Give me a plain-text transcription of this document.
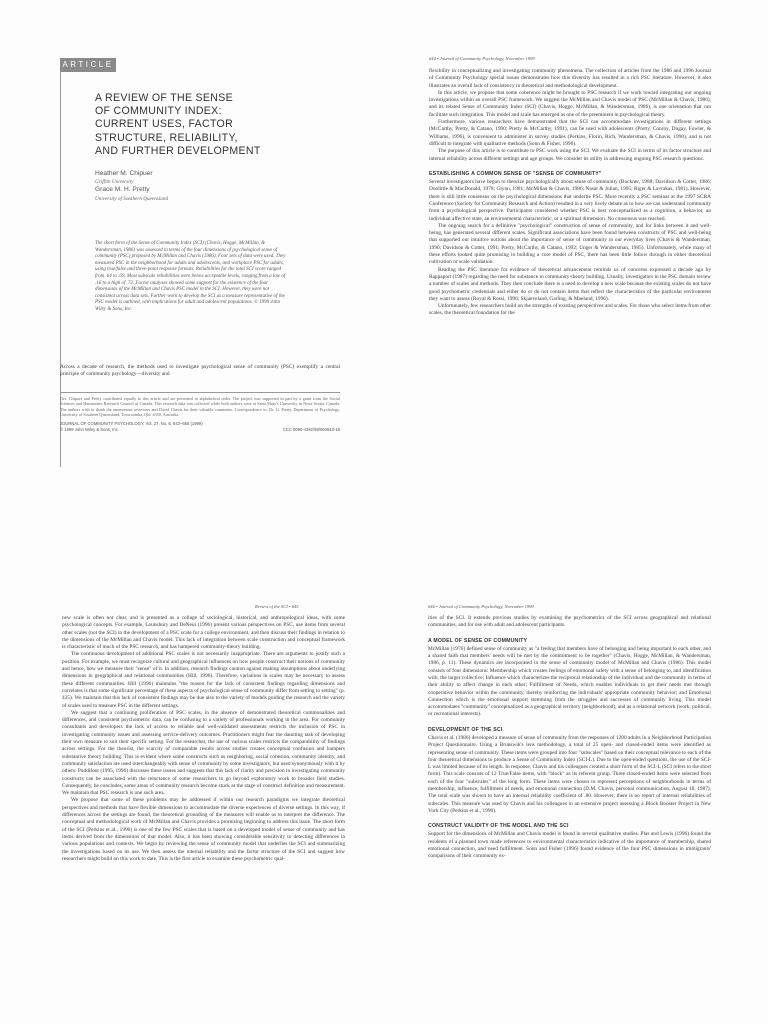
ARTICLE
A REVIEW OF THE SENSE
OF COMMUNITY INDEX:
CURRENT USES, FACTOR
STRUCTURE, RELIABILITY,
AND FURTHER DEVELOPMENT
Heather M. Chipuer
Griffith University
Grace M. H. Pretty
University of Southern Queensland
The short form of the Sense of Community Index (SCI) (Chavis, Hogge, McMillan, & Wandersman, 1986) was assessed in terms of the four dimensions of psychological sense of community (PSC) proposed by McMillan and Chavis (1986). Four sets of data were used. They measured PSC in the neighborhood for adults and adolescents, and workplace PSC for adults, using true/false and three-point response formats. Reliabilities for the total SCI score ranged from .64 to .69. Most subscale reliabilities were below acceptable levels, ranging from a low of .16 to a high of .72. Factor analyses showed some support for the existence of the four dimensions of the McMillan and Chavis PSC model in the SCI. However, they were not consistent across data sets. Further work to develop the SCI as a measure representative of the PSC model is outlined, with implications for adult and adolescent populations. © 1999 John Wiley & Sons, Inc.

Across a decade of research, the methods used to investigate psychological sense of community (PSC) exemplify a central principle of community psychology—diversity and

Drs. Chipuer and Pretty contributed equally to this article and are presented in alphabetical order. The project was supported in part by a grant from the Social Sciences and Humanities Research Council of Canada. This research data was collected while both authors were at Saint Mary's University in Nova Scotia, Canada. The authors wish to thank the anonymous reviewers and David Chavis for their valuable comments. Correspondence to: Dr. G. Pretty, Department of Psychology, University of Southern Queensland, Toowoomba, Qld. 4350, Australia.
JOURNAL OF COMMUNITY PSYCHOLOGY, Vol. 27, No. 6, 643–658 (1999)
© 1999 John Wiley & Sons, Inc.	CCC 0090-4392/99/060643-16
644 • Journal of Community Psychology, November 1999

flexibility in conceptualizing and investigating community phenomena. The collection of articles from the 1986 and 1996 Journal of Community Psychology special issues demonstrates how this diversity has resulted in a rich PSC literature. However, it also illustrates an overall lack of consistency in theoretical and methodological development.

In this article, we propose that some coherence might be brought to PSC research if we work toward integrating our ongoing investigations within an overall PSC framework. We suggest the McMillan and Chavis model of PSC (McMillan & Chavis, 1986), and its related Sense of Community Index (SCI) (Chavis, Hogge, McMillan, & Wandersman, 1986), is one orientation that can facilitate such integration. This model and scale has emerged as one of the preeminent in psychological theory.

Furthermore, various researchers have demonstrated that the SCI can accommodate investigations in different settings (McCarthy, Pretty, & Catano, 1990; Pretty & McCarthy, 1991), can be used with adolescents (Pretty, Conroy, Dugay, Fowler, & Williams, 1996), is convenient to administer in survey studies (Perkins, Florin, Rich, Wandersman, & Chavis, 1990), and is not difficult to integrate with qualitative methods (Sonn & Fisher, 1996).

The purpose of this article is to contribute to PSC work using the SCI. We evaluate the SCI in terms of its factor structure and internal reliability across different settings and age groups. We consider its utility in addressing ongoing PSC research questions.

ESTABLISHING A COMMON SENSE OF "SENSE OF COMMUNITY"

Several investigators have begun to theorize psychologically about sense of community (Buckner, 1988; Davidson & Cotter, 1986; Doolittle & MacDonald, 1978; Glynn, 1981; McMillan & Chavis, 1986; Nasar & Julian, 1995; Riger & Lavrakas, 1981). However, there is still little consensus on the psychological dimensions that underlie PSC. More recently a PSC seminar at the 1997 SCRA Conference (Society for Community Research and Action) resulted in a very lively debate as to how we can understand community from a psychological perspective. Participants considered whether PSC is best conceptualized as a cognition, a behavior, an individual affective state, an environmental characteristic, or a spiritual dimension. No consensus was reached.

The ongoing search for a definitive "psychological" construction of sense of community, and for links between it and well-being, has generated several different scales. Significant associations have been found between constructs of PSC and well-being that supported our intuitive notions about the importance of sense of community in our everyday lives (Chavis & Wandersman, 1990; Davidson & Cotter, 1991; Pretty, McCarthy, & Catano, 1992; Unger & Wandersman, 1985). Unfortunately, while many of these efforts looked quite promising in building a core model of PSC, there has been little follow through in either theoretical cultivation or scale validation.

Reading the PSC literature for evidence of theoretical advancement reminds us of concerns expressed a decade ago by Rappaport (1987) regarding the need for substance in community-theory building. Usually, investigators in the PSC domain review a number of scales and methods. They then conclude there is a need to develop a new scale because the existing scales do not have good psychometric credentials and either do or do not contain items that reflect the characteristics of the particular environment they want to assess (Royal & Rossi, 1996; Skjaeveland, Garling, & Maeland, 1996).

Unfortunately, few researchers build on the strengths of existing perspectives and scales. For those who select items from other scales, the theoretical foundation for the

Review of the SCI • 645

new scale is often not clear, and is presented as a collage of sociological, historical, and anthropological ideas, with some psychological concepts. For example, Lounsbury and DeNeui (1996) present various perspectives on PSC, use items from several other scales (not the SCI) in the development of a PSC scale for a college environment, and then discuss their findings in relation to the dimensions of the McMillan and Chavis model. This lack of integration between scale construction and conceptual framework is characteristic of much of the PSC research, and has hampered community-theory building.

The continuous development of additional PSC scales is not necessarily inappropriate. There are arguments to justify such a position. For example, we must recognize cultural and geographical influences on how people construct their notions of community and hence, how we measure their "sense" of it. In addition, research findings caution against making assumptions about underlying dimensions in geographical and relational communities (Hill, 1996). Therefore, variations in scales may be necessary to assess these different communities. Hill (1996) maintains "the reason for the lack of consistent findings regarding dimensions and correlates is that some significant percentage of these aspects of psychological sense of community differ from setting to setting" (p. 435). We maintain that this lack of consistent findings may be due also to the variety of models guiding the research and the variety of scales used to measure PSC in the different settings.

We suggest that a continuing proliferation of PSC scales, in the absence of demonstrated theoretical commonalities and differences, and consistent psychometric data, can be confusing to a variety of professionals working in the area. For community consultants and developers the lack of access to reliable and well-validated assessments restricts the inclusion of PSC in investigating community issues and assessing service-delivery outcomes. Practitioners might fear the daunting task of developing their own measure to suit their specific setting. For the researcher, the use of various scales restricts the comparability of findings across settings. For the theorist, the scarcity of comparable results across studies creates conceptual confusion and hampers substantive theory building. This is evident where some constructs such as neighboring, social cohesion, community identity, and community satisfaction are used interchangeably with sense of community by some investigators, but used synonymously with it by others. Puddifoot (1995, 1996) discusses these issues and suggests that this lack of clarity and precision in investigating community constructs can be associated with the reluctance of some researchers to go beyond exploratory work to broader field studies. Consequently, he concludes, some areas of community research become stuck at the stage of construct definition and measurement. We maintain that PSC research is one such area.

We propose that some of these problems may be addressed if within our research paradigms we integrate theoretical perspectives and methods that have flexible dimensions to accommodate the diverse experiences of diverse settings. In this way, if differences across the settings are found, the theoretical grounding of the measures will enable us to interpret the difference. The conceptual and methodological work of McMillan and Chavis provides a promising beginning to address this issue. The short form of the SCI (Perkins et al., 1990) is one of the few PSC scales that is based on a developed model of sense of community and has items derived from the dimensions of that model. Also, it has been showing considerable sensitivity to detecting differences in various populations and contexts. We begin by reviewing the sense of community model that underlies the SCI and summarizing the investigations based on its use. We then assess the internal reliability and the factor structure of the SCI and suggest how researchers might build on this work to date. This is the first article to examine these psychometric qual-

646 • Journal of Community Psychology, November 1999

ities of the SCI. It extends previous studies by examining the psychometrics of the SCI across geographical and relational communities, and for use with adult and adolescent participants.

A MODEL OF SENSE OF COMMUNITY

McMillan (1976) defined sense of community as "a feeling that members have of belonging and being important to each other, and a shared faith that members' needs will be met by the commitment to be together" (Chavis, Hogge, McMillan, & Wandersman, 1986, p. 11). These dynamics are incorporated in the sense of community model of McMillan and Chavis (1986). This model consists of four dimensions: Membership which creates feelings of emotional safety with a sense of belonging to, and identification with, the larger collective; Influence which characterizes the reciprocal relationship of the individual and the community in terms of their ability to affect change in each other; Fulfillment of Needs, which enables individuals to get their needs met through cooperative behavior within the community, thereby reinforcing the individuals' appropriate community behavior; and Emotional Connection which is the emotional support stemming from the struggles and successes of community living. This model accommodates "community" conceptualized as a geographical territory (neighborhood), and as a relational network (work, political, or recreational interests).

DEVELOPMENT OF THE SCI

Chavis et al. (1986) developed a measure of sense of community from the responses of 1200 adults in a Neighborhood Participation Project Questionnaire. Using a Brunswik's lens methodology, a total of 25 open- and closed-ended items were identified as representing sense of community. These items were grouped into four "subscales" based on their conceptual relevance to each of the four theoretical dimensions to produce a Sense of Community Index (SCI-L). Due to the open-ended questions, the use of the SCI-L was limited because of its length. In response, Chavis and his colleagues created a short form of the SCI-L (SCI refers to the short form). This scale consists of 12 True/False items, with "block" as its referent group. Three closed-ended items were selected from each of the four "subscales" of the long form. These items were chosen to represent perceptions of neighborhoods in terms of membership, influence, fulfillment of needs, and emotional connection (D.M. Chavis, personal communication, August 18, 1987). The total scale was shown to have an internal reliability coefficient of .80. However, there is no report of internal reliabilities of subscales. This measure was used by Chavis and his colleagues in an extensive project assessing a Block Booster Project in New York City (Perkins et al., 1990).

CONSTRUCT VALIDITY OF THE MODEL AND THE SCI

Support for the dimensions of McMillan and Chavis model is found in several qualitative studies. Plas and Lewis (1996) found the residents of a planned town made references to environmental characteristics indicative of the importance of membership, shared emotional connection, and need fulfillment. Sonn and Fisher (1996) found evidence of the four PSC dimensions in immigrants' comparisons of their community ex-
